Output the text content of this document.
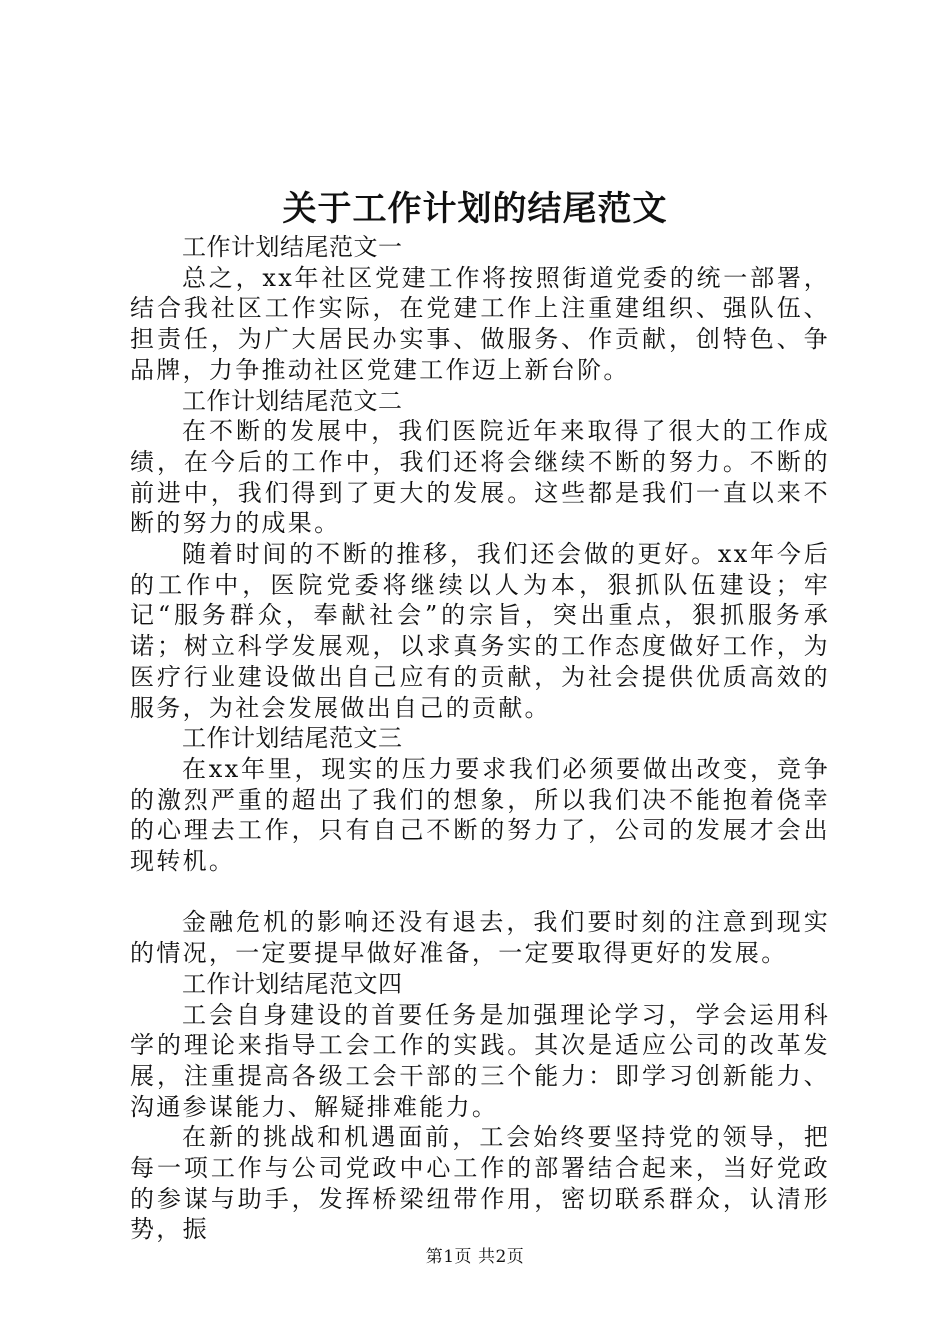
关于工作计划的结尾范文

工作计划结尾范文一

总之，xx年社区党建工作将按照街道党委的统一部署，结合我社区工作实际，在党建工作上注重建组织、强队伍、担责任，为广大居民办实事、做服务、作贡献，创特色、争品牌，力争推动社区党建工作迈上新台阶。

工作计划结尾范文二

在不断的发展中，我们医院近年来取得了很大的工作成绩，在今后的工作中，我们还将会继续不断的努力。不断的前进中，我们得到了更大的发展。这些都是我们一直以来不断的努力的成果。

随着时间的不断的推移，我们还会做的更好。xx年今后的工作中，医院党委将继续以人为本，狠抓队伍建设；牢记“服务群众，奉献社会”的宗旨，突出重点，狠抓服务承诺；树立科学发展观，以求真务实的工作态度做好工作，为医疗行业建设做出自己应有的贡献，为社会提供优质高效的服务，为社会发展做出自己的贡献。

工作计划结尾范文三

在xx年里，现实的压力要求我们必须要做出改变，竞争的激烈严重的超出了我们的想象，所以我们决不能抱着侥幸的心理去工作，只有自己不断的努力了，公司的发展才会出现转机。

金融危机的影响还没有退去，我们要时刻的注意到现实的情况，一定要提早做好准备，一定要取得更好的发展。

工作计划结尾范文四

工会自身建设的首要任务是加强理论学习，学会运用科学的理论来指导工会工作的实践。其次是适应公司的改革发展，注重提高各级工会干部的三个能力：即学习创新能力、沟通参谋能力、解疑排难能力。

在新的挑战和机遇面前，工会始终要坚持党的领导，把每一项工作与公司党政中心工作的部署结合起来，当好党政的参谋与助手，发挥桥梁纽带作用，密切联系群众，认清形势，振

第1页 共2页
